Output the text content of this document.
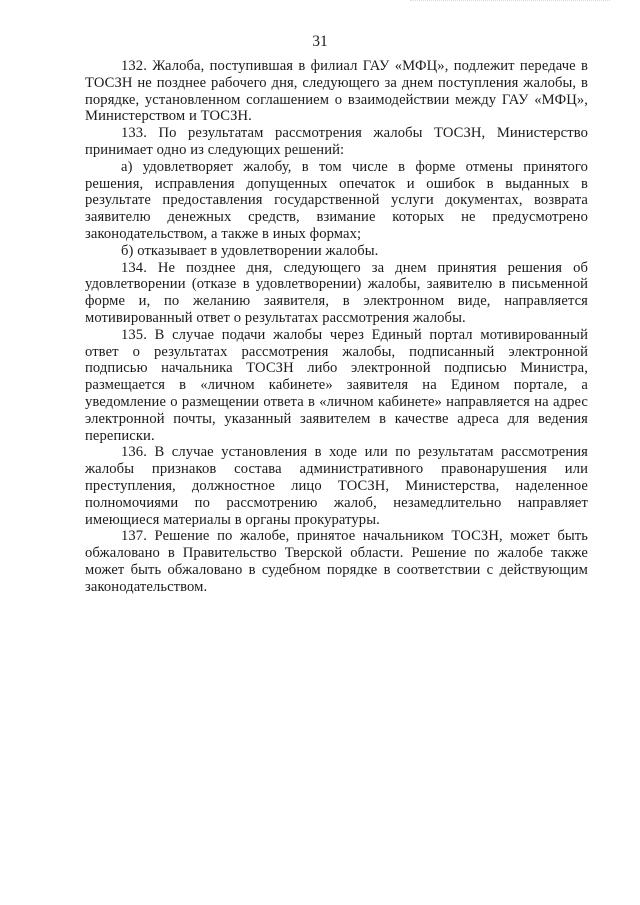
31

132. Жалоба, поступившая в филиал ГАУ «МФЦ», подлежит передаче в ТОСЗН не позднее рабочего дня, следующего за днем поступления жалобы, в порядке, установленном соглашением о взаимодействии между ГАУ «МФЦ», Министерством и ТОСЗН.

133. По результатам рассмотрения жалобы ТОСЗН, Министерство принимает одно из следующих решений:

а) удовлетворяет жалобу, в том числе в форме отмены принятого решения, исправления допущенных опечаток и ошибок в выданных в результате предоставления государственной услуги документах, возврата заявителю денежных средств, взимание которых не предусмотрено законодательством, а также в иных формах;

б) отказывает в удовлетворении жалобы.

134. Не позднее дня, следующего за днем принятия решения об удовлетворении (отказе в удовлетворении) жалобы, заявителю в письменной форме и, по желанию заявителя, в электронном виде, направляется мотивированный ответ о результатах рассмотрения жалобы.

135. В случае подачи жалобы через Единый портал мотивированный ответ о результатах рассмотрения жалобы, подписанный электронной подписью начальника ТОСЗН либо электронной подписью Министра, размещается в «личном кабинете» заявителя на Едином портале, а уведомление о размещении ответа в «личном кабинете» направляется на адрес электронной почты, указанный заявителем в качестве адреса для ведения переписки.

136. В случае установления в ходе или по результатам рассмотрения жалобы признаков состава административного правонарушения или преступления, должностное лицо ТОСЗН, Министерства, наделенное полномочиями по рассмотрению жалоб, незамедлительно направляет имеющиеся материалы в органы прокуратуры.

137. Решение по жалобе, принятое начальником ТОСЗН, может быть обжаловано в Правительство Тверской области. Решение по жалобе также может быть обжаловано в судебном порядке в соответствии с действующим законодательством.
